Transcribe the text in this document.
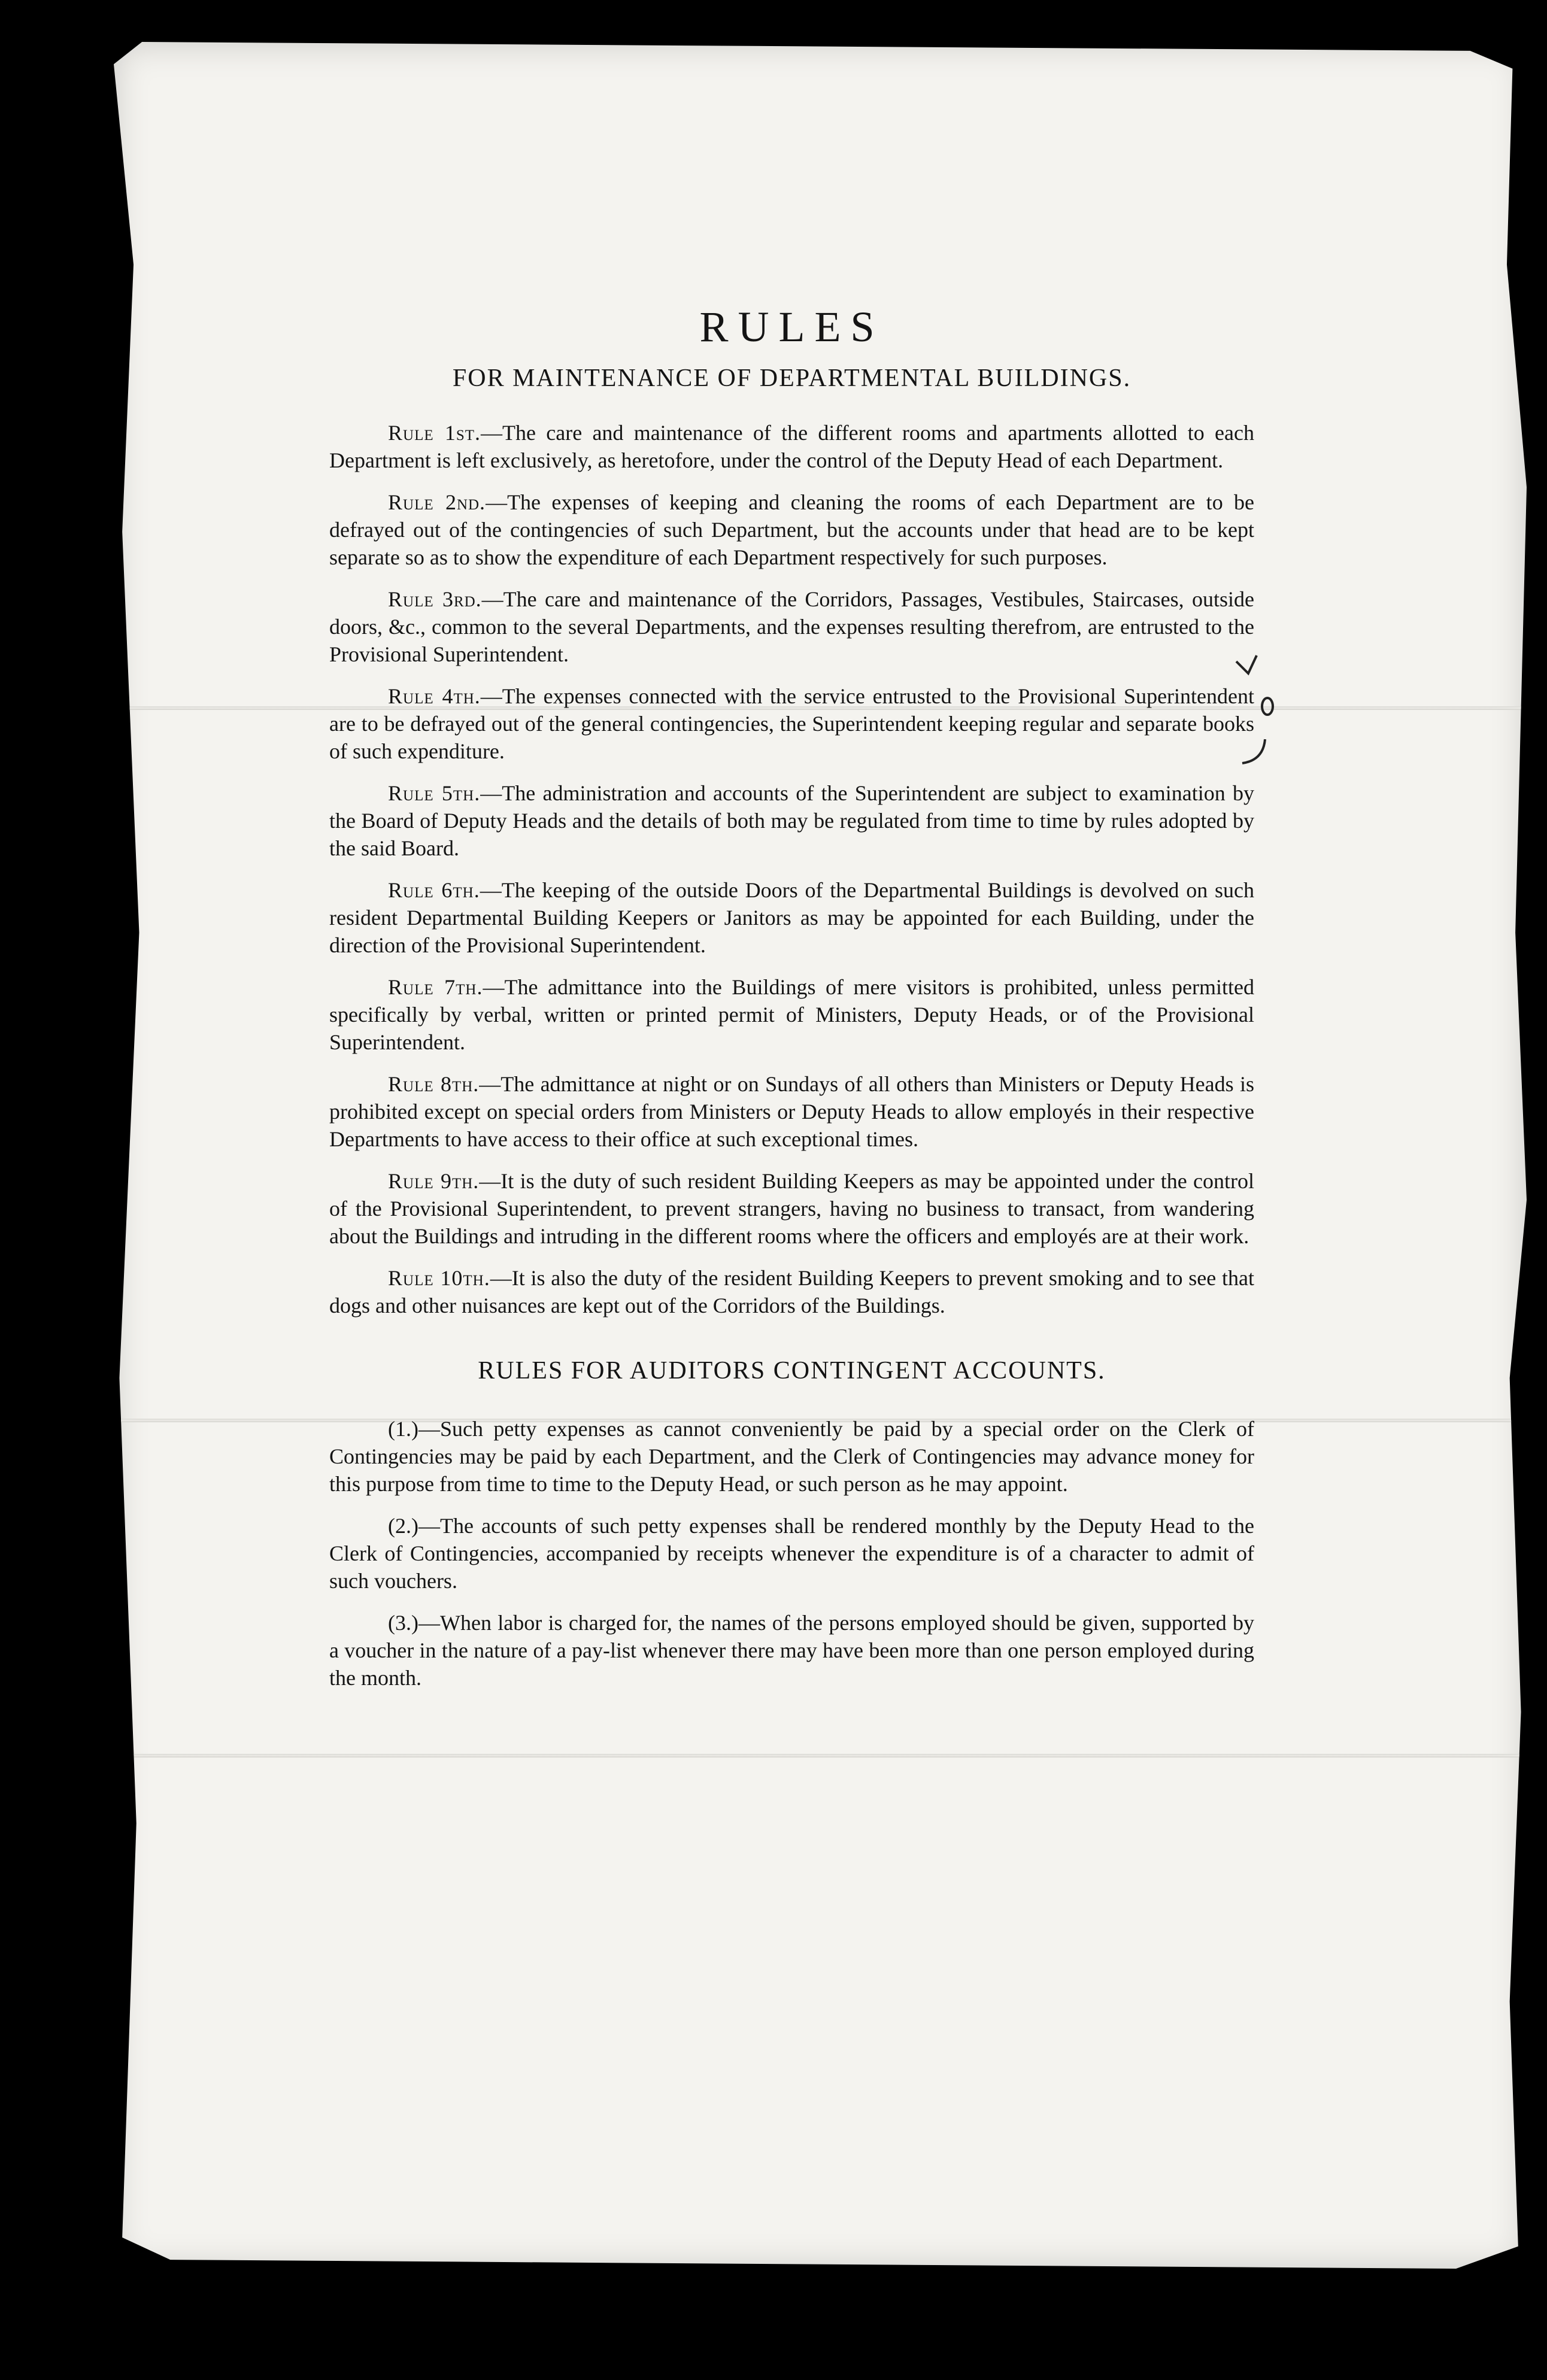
RULES
FOR MAINTENANCE OF DEPARTMENTAL BUILDINGS.

Rule 1st.—The care and maintenance of the different rooms and apartments allotted to each Department is left exclusively, as heretofore, under the control of the Deputy Head of each Department.

Rule 2nd.—The expenses of keeping and cleaning the rooms of each Department are to be defrayed out of the contingencies of such Department, but the accounts under that head are to be kept separate so as to show the expenditure of each Department respectively for such purposes.

Rule 3rd.—The care and maintenance of the Corridors, Passages, Vestibules, Staircases, outside doors, &c., common to the several Departments, and the expenses resulting therefrom, are entrusted to the Provisional Superintendent.

Rule 4th.—The expenses connected with the service entrusted to the Provisional Superintendent are to be defrayed out of the general contingencies, the Superintendent keeping regular and separate books of such expenditure.

Rule 5th.—The administration and accounts of the Superintendent are subject to examination by the Board of Deputy Heads and the details of both may be regulated from time to time by rules adopted by the said Board.

Rule 6th.—The keeping of the outside Doors of the Departmental Buildings is devolved on such resident Departmental Building Keepers or Janitors as may be appointed for each Building, under the direction of the Provisional Superintendent.

Rule 7th.—The admittance into the Buildings of mere visitors is prohibited, unless permitted specifically by verbal, written or printed permit of Ministers, Deputy Heads, or of the Provisional Superintendent.

Rule 8th.—The admittance at night or on Sundays of all others than Ministers or Deputy Heads is prohibited except on special orders from Ministers or Deputy Heads to allow employés in their respective Departments to have access to their office at such exceptional times.

Rule 9th.—It is the duty of such resident Building Keepers as may be appointed under the control of the Provisional Superintendent, to prevent strangers, having no business to transact, from wandering about the Buildings and intruding in the different rooms where the officers and employés are at their work.

Rule 10th.—It is also the duty of the resident Building Keepers to prevent smoking and to see that dogs and other nuisances are kept out of the Corridors of the Buildings.

RULES FOR AUDITORS CONTINGENT ACCOUNTS.

(1.)—Such petty expenses as cannot conveniently be paid by a special order on the Clerk of Contingencies may be paid by each Department, and the Clerk of Contingencies may advance money for this purpose from time to time to the Deputy Head, or such person as he may appoint.

(2.)—The accounts of such petty expenses shall be rendered monthly by the Deputy Head to the Clerk of Contingencies, accompanied by receipts whenever the expenditure is of a character to admit of such vouchers.

(3.)—When labor is charged for, the names of the persons employed should be given, supported by a voucher in the nature of a pay-list whenever there may have been more than one person employed during the month.
